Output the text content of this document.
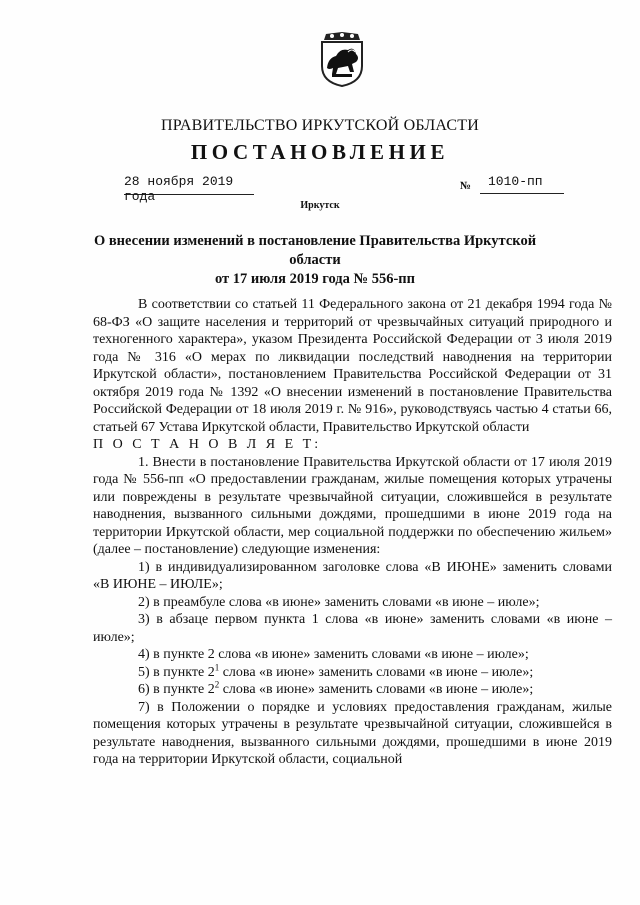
ПРАВИТЕЛЬСТВО ИРКУТСКОЙ ОБЛАСТИ
ПОСТАНОВЛЕНИЕ
28 ноября 2019 года
№	1010-пп
Иркутск
О внесении изменений в постановление Правительства Иркутской области
от 17 июля 2019 года № 556-пп

В соответствии со статьей 11 Федерального закона от 21 декабря 1994 года № 68-ФЗ «О защите населения и территорий от чрезвычайных ситуаций природного и техногенного характера», указом Президента Российской Федерации от 3 июля 2019 года № 316 «О мерах по ликвидации последствий наводнения на территории Иркутской области», постановлением Правительства Российской Федерации от 31 октября 2019 года № 1392 «О внесении изменений в постановление Правительства Российской Федерации от 18 июля 2019 г. № 916», руководствуясь частью 4 статьи 66, статьей 67 Устава Иркутской области, Правительство Иркутской области

П О С Т А Н О В Л Я Е Т:

1. Внести в постановление Правительства Иркутской области от 17 июля 2019 года № 556-пп «О предоставлении гражданам, жилые помещения которых утрачены или повреждены в результате чрезвычайной ситуации, сложившейся в результате наводнения, вызванного сильными дождями, прошедшими в июне 2019 года на территории Иркутской области, мер социальной поддержки по обеспечению жильем» (далее – постановление) следующие изменения:

1) в индивидуализированном заголовке слова «В ИЮНЕ» заменить словами «В ИЮНЕ – ИЮЛЕ»;

2) в преамбуле слова «в июне» заменить словами «в июне – июле»;

3) в абзаце первом пункта 1 слова «в июне» заменить словами «в июне – июле»;

4) в пункте 2 слова «в июне» заменить словами «в июне – июле»;

5) в пункте $2^1$ слова «в июне» заменить словами «в июне – июле»;

6) в пункте $2^2$ слова «в июне» заменить словами «в июне – июле»;

7) в Положении о порядке и условиях предоставления гражданам, жилые помещения которых утрачены в результате чрезвычайной ситуации, сложившейся в результате наводнения, вызванного сильными дождями, прошедшими в июне 2019 года на территории Иркутской области, социальной
